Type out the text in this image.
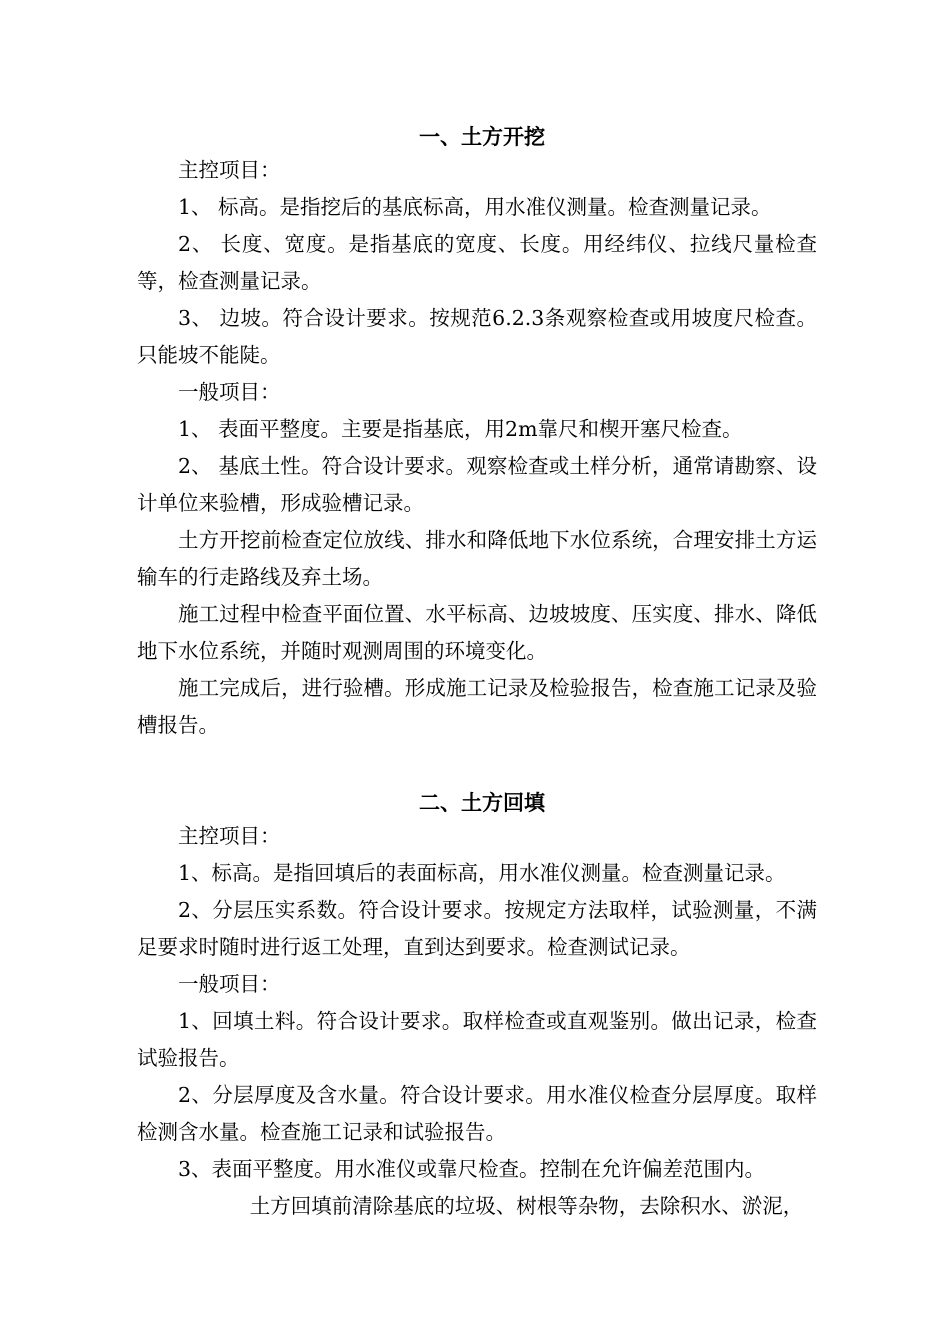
一、土方开挖

主控项目：

1、 标高。是指挖后的基底标高，用水准仪测量。检查测量记录。

2、 长度、宽度。是指基底的宽度、长度。用经纬仪、拉线尺量检查等，检查测量记录。

3、 边坡。符合设计要求。按规范6.2.3条观察检查或用坡度尺检查。只能坡不能陡。

一般项目：

1、 表面平整度。主要是指基底，用2m靠尺和楔开塞尺检查。

2、 基底土性。符合设计要求。观察检查或土样分析，通常请勘察、设计单位来验槽，形成验槽记录。

土方开挖前检查定位放线、排水和降低地下水位系统，合理安排土方运输车的行走路线及弃土场。

施工过程中检查平面位置、水平标高、边坡坡度、压实度、排水、降低地下水位系统，并随时观测周围的环境变化。

施工完成后，进行验槽。形成施工记录及检验报告，检查施工记录及验槽报告。

二、土方回填

主控项目：

1、标高。是指回填后的表面标高，用水准仪测量。检查测量记录。

2、分层压实系数。符合设计要求。按规定方法取样，试验测量，不满足要求时随时进行返工处理，直到达到要求。检查测试记录。

一般项目：

1、回填土料。符合设计要求。取样检查或直观鉴别。做出记录，检查试验报告。

2、分层厚度及含水量。符合设计要求。用水准仪检查分层厚度。取样检测含水量。检查施工记录和试验报告。

3、表面平整度。用水准仪或靠尺检查。控制在允许偏差范围内。

土方回填前清除基底的垃圾、树根等杂物，去除积水、淤泥，
